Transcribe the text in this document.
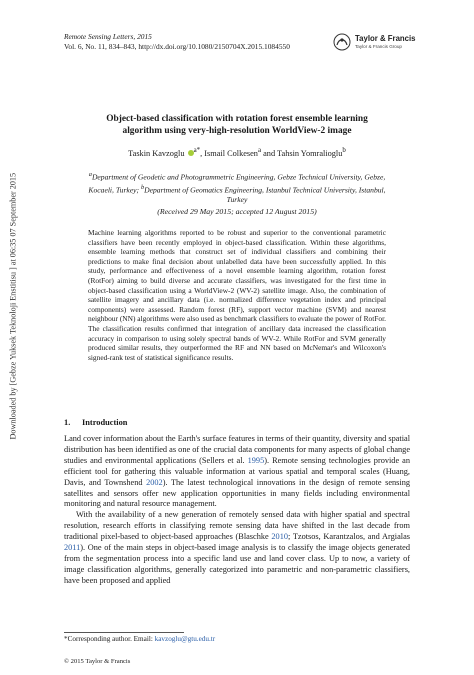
Downloaded by [Gebze Yuksek Teknoloji Enstitisu ] at 06:35 07 September 2015
Remote Sensing Letters, 2015
Vol. 6, No. 11, 834–843, http://dx.doi.org/10.1080/2150704X.2015.1084550
Taylor & Francis
Taylor & Francis Group
Object-based classification with rotation forest ensemble learning
algorithm using very-high-resolution WorldView-2 image
Taskin Kavzoglu $^{a*}$, Ismail Colkesen$^a$ and Tahsin Yomralioglu$^b$
$^a$Department of Geodetic and Photogrammetric Engineering, Gebze Technical University, Gebze, Kocaeli, Turkey; $^b$Department of Geomatics Engineering, Istanbul Technical University, Istanbul, Turkey
(Received 29 May 2015; accepted 12 August 2015)
Machine learning algorithms reported to be robust and superior to the conventional parametric classifiers have been recently employed in object-based classification. Within these algorithms, ensemble learning methods that construct set of individual classifiers and combining their predictions to make final decision about unlabelled data have been successfully applied. In this study, performance and effectiveness of a novel ensemble learning algorithm, rotation forest (RotFor) aiming to build diverse and accurate classifiers, was investigated for the first time in object-based classification using a WorldView-2 (WV-2) satellite image. Also, the combination of satellite imagery and ancillary data (i.e. normalized difference vegetation index and principal components) were assessed. Random forest (RF), support vector machine (SVM) and nearest neighbour (NN) algorithms were also used as benchmark classifiers to evaluate the power of RotFor. The classification results confirmed that integration of ancillary data increased the classification accuracy in comparison to using solely spectral bands of WV-2. While RotFor and SVM generally produced similar results, they outperformed the RF and NN based on McNemar's and Wilcoxon's signed-rank test of statistical significance results.
1. Introduction

Land cover information about the Earth's surface features in terms of their quantity, diversity and spatial distribution has been identified as one of the crucial data components for many aspects of global change studies and environmental applications (Sellers et al. 1995). Remote sensing technologies provide an efficient tool for gathering this valuable information at various spatial and temporal scales (Huang, Davis, and Townshend 2002). The latest technological innovations in the design of remote sensing satellites and sensors offer new application opportunities in many fields including environmental monitoring and natural resource management.

With the availability of a new generation of remotely sensed data with higher spatial and spectral resolution, research efforts in classifying remote sensing data have shifted in the last decade from traditional pixel-based to object-based approaches (Blaschke 2010; Tzotsos, Karantzalos, and Argialas 2011). One of the main steps in object-based image analysis is to classify the image objects generated from the segmentation process into a specific land use and land cover class. Up to now, a variety of image classification algorithms, generally categorized into parametric and non-parametric classifiers, have been proposed and applied

*Corresponding author. Email: kavzoglu@gtu.edu.tr
© 2015 Taylor & Francis
